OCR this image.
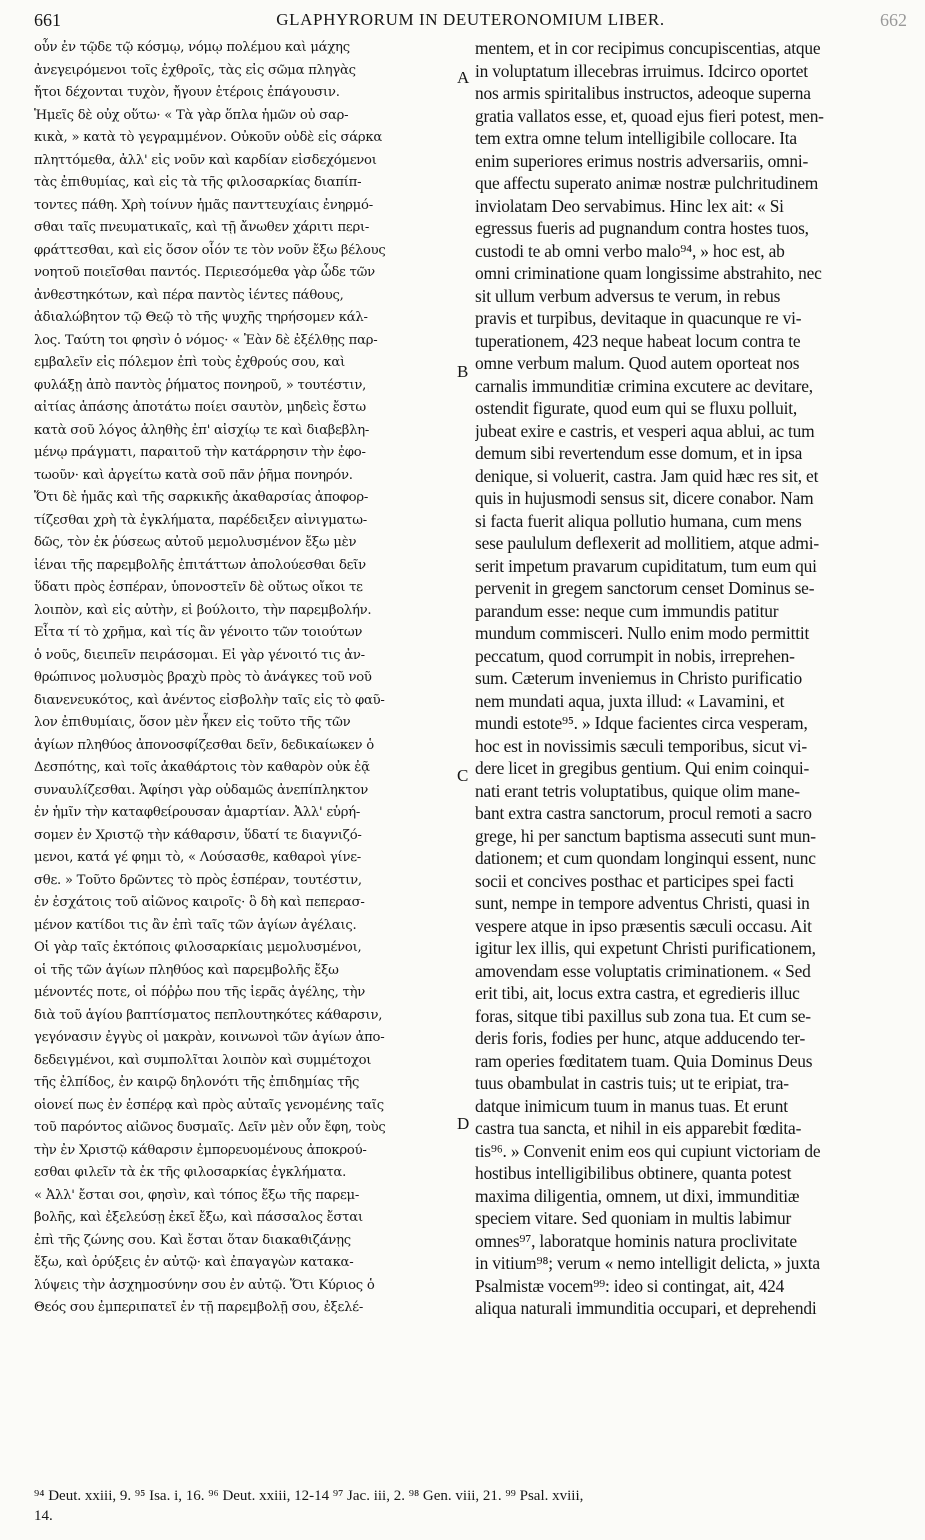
661	GLAPHYRORUM IN DEUTERONOMIUM LIBER.	662
οὖν ἐν τῷδε τῷ κόσμῳ, νόμῳ πολέμου καὶ μάχης
ἀνεγειρόμενοι τοῖς ἐχθροῖς, τὰς εἰς σῶμα πληγὰς
ἤτοι δέχονται τυχὸν, ἤγουν ἑτέροις ἐπάγουσιν.
Ἡμεῖς δὲ οὐχ οὕτω· « Τὰ γὰρ ὅπλα ἡμῶν οὐ σαρ-
κικὰ, » κατὰ τὸ γεγραμμένον. Οὐκοῦν οὐδὲ εἰς σάρκα
πληττόμεθα, ἀλλ' εἰς νοῦν καὶ καρδίαν εἰσδεχόμενοι
τὰς ἐπιθυμίας, καὶ εἰς τὰ τῆς φιλοσαρκίας διαπίπ-
τοντες πάθη. Χρὴ τοίνυν ἡμᾶς πανττευχίαις ἐνηρμό-
σθαι ταῖς πνευματικαῖς, καὶ τῇ ἄνωθεν χάριτι περι-
φράττεσθαι, καὶ εἰς ὅσον οἷόν τε τὸν νοῦν ἔξω βέλους
νοητοῦ ποιεῖσθαι παντός. Περιεσόμεθα γὰρ ὧδε τῶν
ἀνθεστηκότων, καὶ πέρα παντὸς ἰέντες πάθους,
ἀδιαλώβητον τῷ Θεῷ τὸ τῆς ψυχῆς τηρήσομεν κάλ-
λος. Ταύτη τοι φησὶν ὁ νόμος· « Ἐὰν δὲ ἐξέλθῃς παρ-
εμβαλεῖν εἰς πόλεμον ἐπὶ τοὺς ἐχθρούς σου, καὶ
φυλάξῃ ἀπὸ παντὸς ῥήματος πονηροῦ, » τουτέστιν,
αἰτίας ἁπάσης ἀποτάτω ποίει σαυτὸν, μηδεὶς ἔστω
κατὰ σοῦ λόγος ἀληθὴς ἐπ' αἰσχίῳ τε καὶ διαβεβλη-
μένῳ πράγματι, παραιτοῦ τὴν κατάρρησιν τὴν ἐφο-
τωοῦν· καὶ ἀργείτω κατὰ σοῦ πᾶν ῥῆμα πονηρόν.
Ὅτι δὲ ἡμᾶς καὶ τῆς σαρκικῆς ἀκαθαρσίας ἀποφορ-
τίζεσθαι χρὴ τὰ ἐγκλήματα, παρέδειξεν αἰνιγματω-
δῶς, τὸν ἐκ ῥύσεως αὐτοῦ μεμολυσμένον ἔξω μὲν
ἰέναι τῆς παρεμβολῆς ἐπιτάττων ἀπολούεσθαι δεῖν
ὕδατι πρὸς ἑσπέραν, ὑπονοστεῖν δὲ οὕτως οἴκοι τε
λοιπὸν, καὶ εἰς αὐτὴν, εἰ βούλοιτο, τὴν παρεμβολήν.
Εἶτα τί τὸ χρῆμα, καὶ τίς ἂν γένοιτο τῶν τοιούτων
ὁ νοῦς, διειπεῖν πειράσομαι. Εἰ γὰρ γένοιτό τις ἀν-
θρώπινος μολυσμὸς βραχὺ πρὸς τὸ ἀνάγκες τοῦ νοῦ
διανενευκότος, καὶ ἀνέντος εἰσβολὴν ταῖς εἰς τὸ φαῦ-
λον ἐπιθυμίαις, ὅσον μὲν ἧκεν εἰς τοῦτο τῆς τῶν
ἁγίων πληθύος ἀπονοσφίζεσθαι δεῖν, δεδικαίωκεν ὁ
Δεσπότης, καὶ τοῖς ἀκαθάρτοις τὸν καθαρὸν οὐκ ἐᾷ
συναυλίζεσθαι. Ἀφίησι γὰρ οὐδαμῶς ἀνεπίπληκτον
ἐν ἡμῖν τὴν καταφθείρουσαν ἁμαρτίαν. Ἀλλ' εὑρή-
σομεν ἐν Χριστῷ τὴν κάθαρσιν, ὕδατί τε διαγνιζό-
μενοι, κατά γέ φημι τὸ, « Λούσασθε, καθαροὶ γίνε-
σθε. » Τοῦτο δρῶντες τὸ πρὸς ἑσπέραν, τουτέστιν,
ἐν ἐσχάτοις τοῦ αἰῶνος καιροῖς· ὃ δὴ καὶ πεπερασ-
μένον κατίδοι τις ἂν ἐπὶ ταῖς τῶν ἁγίων ἀγέλαις.
Οἱ γὰρ ταῖς ἐκτόποις φιλοσαρκίαις μεμολυσμένοι,
οἱ τῆς τῶν ἁγίων πληθύος καὶ παρεμβολῆς ἔξω
μένοντές ποτε, οἱ πόῤῥω που τῆς ἱερᾶς ἀγέλης, τὴν
διὰ τοῦ ἁγίου βαπτίσματος πεπλουτηκότες κάθαρσιν,
γεγόνασιν ἐγγὺς οἱ μακρὰν, κοινωνοὶ τῶν ἁγίων ἀπο-
δεδειγμένοι, καὶ συμπολῖται λοιπὸν καὶ συμμέτοχοι
τῆς ἐλπίδος, ἐν καιρῷ δηλονότι τῆς ἐπιδημίας τῆς
οἱονεί πως ἐν ἑσπέρᾳ καὶ πρὸς αὐταῖς γενομένης ταῖς
τοῦ παρόντος αἰῶνος δυσμαῖς. Δεῖν μὲν οὖν ἔφη, τοὺς
τὴν ἐν Χριστῷ κάθαρσιν ἐμπορευομένους ἀποκρού-
εσθαι φιλεῖν τὰ ἐκ τῆς φιλοσαρκίας ἐγκλήματα.
« Ἀλλ' ἔσται σοι, φησὶν, καὶ τόπος ἔξω τῆς παρεμ-
βολῆς, καὶ ἐξελεύσῃ ἐκεῖ ἔξω, καὶ πάσσαλος ἔσται
ἐπὶ τῆς ζώνης σου. Καὶ ἔσται ὅταν διακαθιζάνῃς
ἔξω, καὶ ὀρύξεις ἐν αὐτῷ· καὶ ἐπαγαγὼν κατακα-
λύψεις τὴν ἀσχημοσύνην σου ἐν αὐτῷ. Ὅτι Κύριος ὁ
Θεός σου ἐμπεριπατεῖ ἐν τῇ παρεμβολῇ σου, ἐξελέ-
mentem, et in cor recipimus concupiscentias, atque
in voluptatum illecebras irruimus. Idcirco oportet
nos armis spiritalibus instructos, adeoque superna
gratia vallatos esse, et, quoad ejus fieri potest, men-
tem extra omne telum intelligibile collocare. Ita
enim superiores erimus nostris adversariis, omni-
que affectu superato animæ nostræ pulchritudinem
inviolatam Deo servabimus. Hinc lex ait: « Si
egressus fueris ad pugnandum contra hostes tuos,
custodi te ab omni verbo malo⁹⁴, » hoc est, ab
omni criminatione quam longissime abstrahito, nec
sit ullum verbum adversus te verum, in rebus
pravis et turpibus, devitaque in quacunque re vi-
tuperationem, 423 neque habeat locum contra te
omne verbum malum. Quod autem oporteat nos
carnalis immunditiæ crimina excutere ac devitare,
ostendit figurate, quod eum qui se fluxu polluit,
jubeat exire e castris, et vesperi aqua ablui, ac tum
demum sibi revertendum esse domum, et in ipsa
denique, si voluerit, castra. Jam quid hæc res sit, et
quis in hujusmodi sensus sit, dicere conabor. Nam
si facta fuerit aliqua pollutio humana, cum mens
sese paululum deflexerit ad mollitiem, atque admi-
serit impetum pravarum cupiditatum, tum eum qui
pervenit in gregem sanctorum censet Dominus se-
parandum esse: neque cum immundis patitur
mundum commisceri. Nullo enim modo permittit
peccatum, quod corrumpit in nobis, irreprehen-
sum. Cæterum inveniemus in Christo purificatio
nem mundati aqua, juxta illud: « Lavamini, et
mundi estote⁹⁵. » Idque facientes circa vesperam,
hoc est in novissimis sæculi temporibus, sicut vi-
dere licet in gregibus gentium. Qui enim coinqui-
nati erant tetris voluptatibus, quique olim mane-
bant extra castra sanctorum, procul remoti a sacro
grege, hi per sanctum baptisma assecuti sunt mun-
dationem; et cum quondam longinqui essent, nunc
socii et concives posthac et participes spei facti
sunt, nempe in tempore adventus Christi, quasi in
vespere atque in ipso præsentis sæculi occasu. Ait
igitur lex illis, qui expetunt Christi purificationem,
amovendam esse voluptatis criminationem. « Sed
erit tibi, ait, locus extra castra, et egredieris illuc
foras, sitque tibi paxillus sub zona tua. Et cum se-
deris foris, fodies per hunc, atque adducendo ter-
ram operies fœditatem tuam. Quia Dominus Deus
tuus obambulat in castris tuis; ut te eripiat, tra-
datque inimicum tuum in manus tuas. Et erunt
castra tua sancta, et nihil in eis apparebit fœdita-
tis⁹⁶. » Convenit enim eos qui cupiunt victoriam de
hostibus intelligibilibus obtinere, quanta potest
maxima diligentia, omnem, ut dixi, immunditiæ
speciem vitare. Sed quoniam in multis labimur
omnes⁹⁷, laboratque hominis natura proclivitate
in vitium⁹⁸; verum « nemo intelligit delicta, » juxta
Psalmistæ vocem⁹⁹: ideo si contingat, ait, 424
aliqua naturali immunditia occupari, et deprehendi
A
B
C
D
⁹⁴ Deut. xxiii, 9. ⁹⁵ Isa. i, 16. ⁹⁶ Deut. xxiii, 12-14 ⁹⁷ Jac. iii, 2. ⁹⁸ Gen. viii, 21. ⁹⁹ Psal. xviii,
14.
